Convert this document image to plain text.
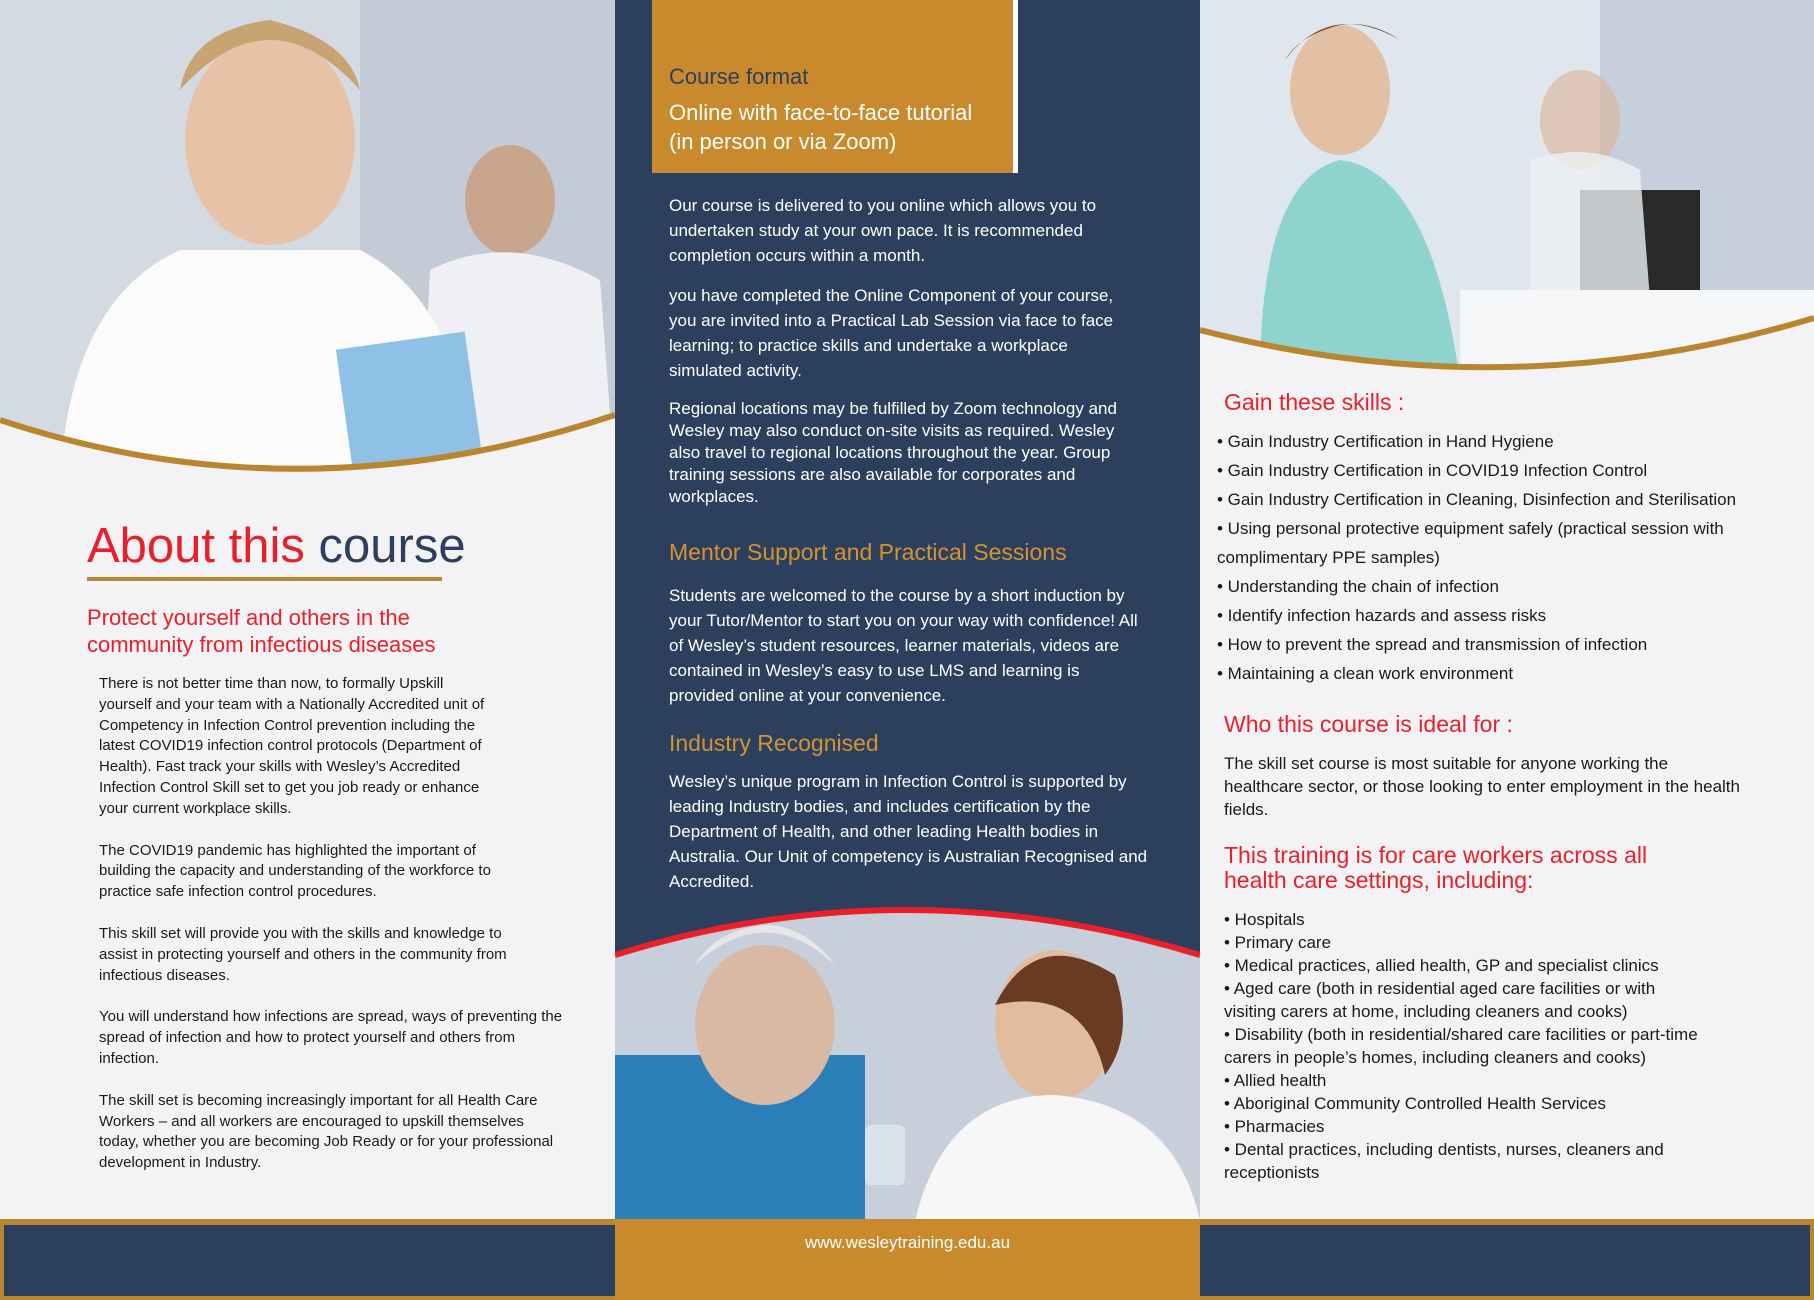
About this course
Protect yourself and others in the
community from infectious diseases

There is not better time than now, to formally Upskill yourself and your team with a Nationally Accredited unit of Competency in Infection Control prevention including the latest COVID19 infection control protocols (Department of Health). Fast track your skills with Wesley’s Accredited Infection Control Skill set to get you job ready or enhance your current workplace skills.

The COVID19 pandemic has highlighted the important of building the capacity and understanding of the workforce to practice safe infection control procedures.

This skill set will provide you with the skills and knowledge to assist in protecting yourself and others in the community from infectious diseases.

You will understand how infections are spread, ways of preventing the spread of infection and how to protect yourself and others from infection.

The skill set is becoming increasingly important for all Health Care Workers – and all workers are encouraged to upskill themselves today, whether you are becoming Job Ready or for your professional development in Industry.

Course format
Online with face-to-face tutorial
(in person or via Zoom)

Our course is delivered to you online which allows you to undertaken study at your own pace. It is recommended completion occurs within a month.

you have completed the Online Component of your course, you are invited into a Practical Lab Session via face to face learning; to practice skills and undertake a workplace simulated activity.

Regional locations may be fulfilled by Zoom technology and Wesley may also conduct on-site visits as required. Wesley also travel to regional locations throughout the year. Group training sessions are also available for corporates and workplaces.

Mentor Support and Practical Sessions
Students are welcomed to the course by a short induction by your Tutor/Mentor to start you on your way with confidence! All of Wesley’s student resources, learner materials, videos are contained in Wesley’s easy to use LMS and learning is provided online at your convenience.
Industry Recognised
Wesley’s unique program in Infection Control is supported by leading Industry bodies, and includes certification by the Department of Health, and other leading Health bodies in Australia. Our Unit of competency is Australian Recognised and Accredited.
Gain these skills :
• Gain Industry Certification in Hand Hygiene
• Gain Industry Certification in COVID19 Infection Control
• Gain Industry Certification in Cleaning, Disinfection and Sterilisation
• Using personal protective equipment safely (practical session with
complimentary PPE samples)
• Understanding the chain of infection
• Identify infection hazards and assess risks
• How to prevent the spread and transmission of infection
• Maintaining a clean work environment
Who this course is ideal for :
The skill set course is most suitable for anyone working the healthcare sector, or those looking to enter employment in the health fields.
This training is for care workers across all
health care settings, including:
• Hospitals
• Primary care
• Medical practices, allied health, GP and specialist clinics
• Aged care (both in residential aged care facilities or with
visiting carers at home, including cleaners and cooks)
• Disability (both in residential/shared care facilities or part-time
carers in people’s homes, including cleaners and cooks)
• Allied health
• Aboriginal Community Controlled Health Services
• Pharmacies
• Dental practices, including dentists, nurses, cleaners and
receptionists
www.wesleytraining.edu.au
